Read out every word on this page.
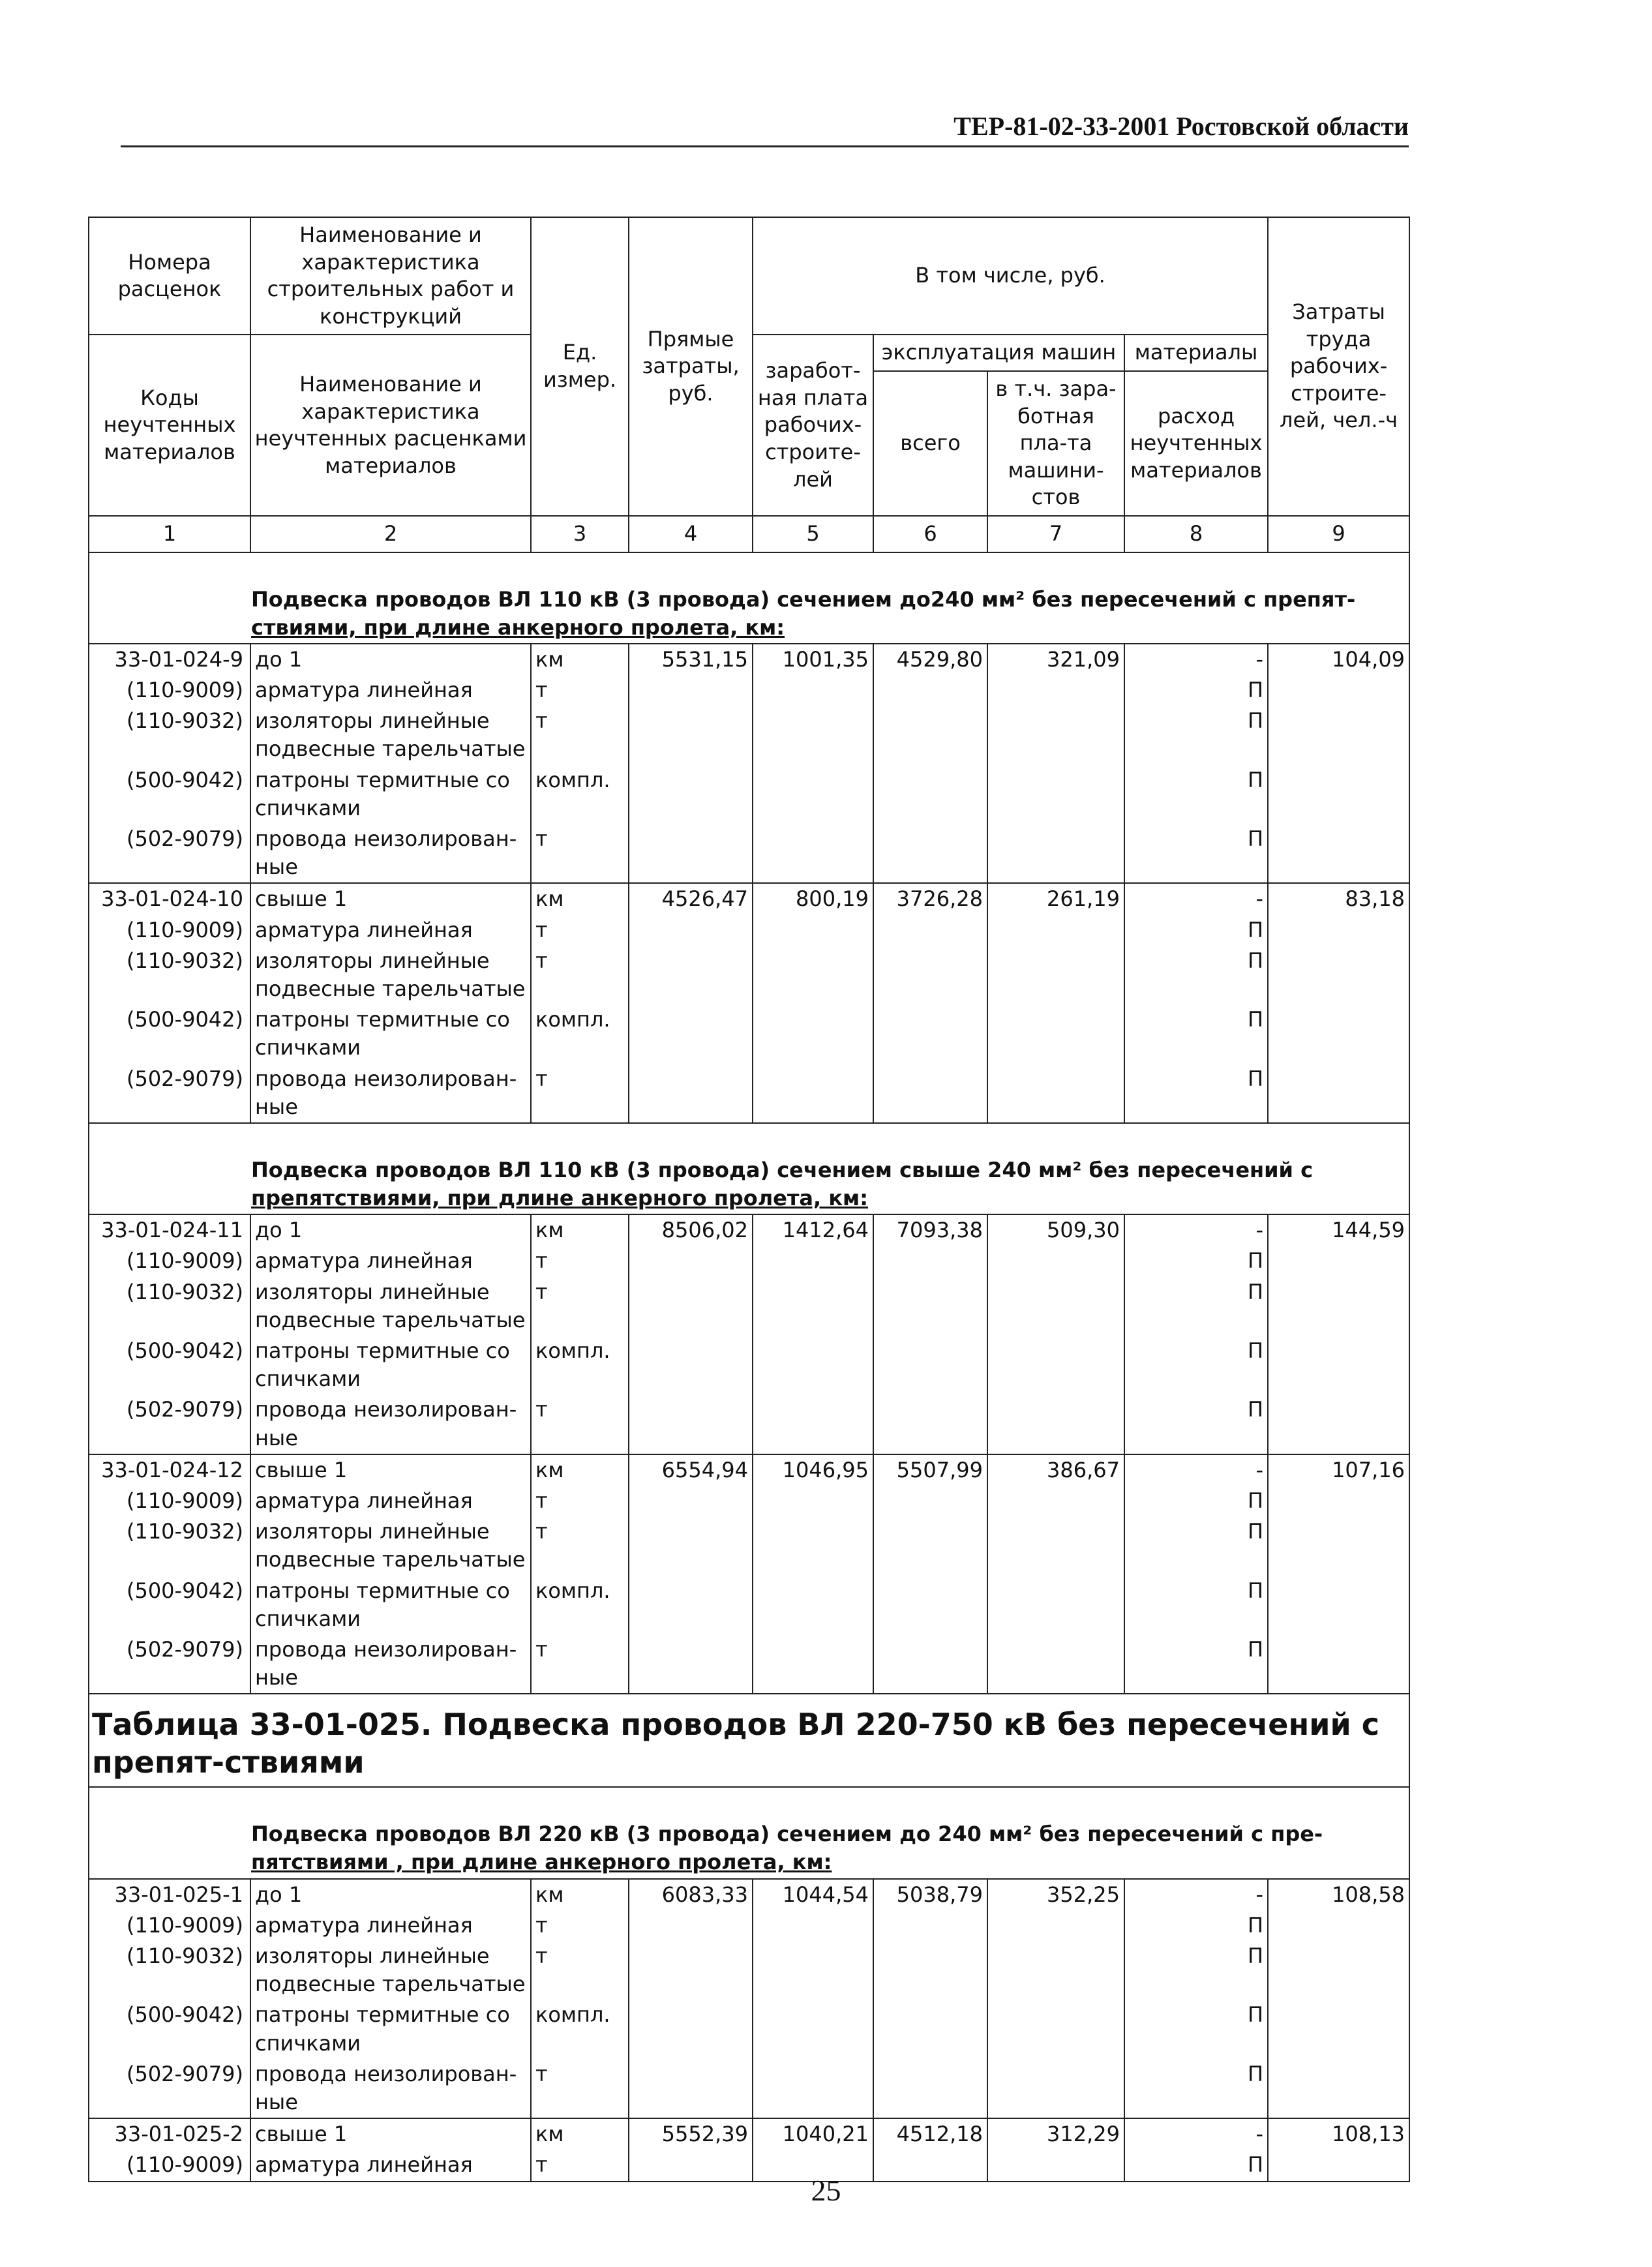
ТЕР-81-02-33-2001 Ростовской области
Номера расценок	Наименование и характеристика строительных работ и конструкций	Ед. измер.	Прямые затраты, руб.	В том числе, руб.				Затраты труда рабочих-строите-лей, чел.-ч
Коды неучтенных материалов	Наименование и характеристика неучтенных расценками материалов			заработ-ная плата рабочих-строите-лей	эксплуатация машин		материалы	
					всего	в т.ч. зара-ботная пла-та машини-стов	расход неучтенных материалов	
1	2	3	4	5	6	7	8	9

Подвеска проводов ВЛ 110 кВ (3 провода) сечением до240 мм² без пересечений с препят-
ствиями, при длине анкерного пролета, км:								

33-01-024-9	до 1	км	5531,15	1001,35	4529,80	321,09	-	104,09
(110-9009)	арматура линейная	т					П	
(110-9032)	изоляторы линейные подвесные тарельчатые	т					П	
(500-9042)	патроны термитные со спичками	компл.					П	
(502-9079)	провода неизолирован-ные	т					П	
33-01-024-10	свыше 1	км	4526,47	800,19	3726,28	261,19	-	83,18
(110-9009)	арматура линейная	т					П	
(110-9032)	изоляторы линейные подвесные тарельчатые	т					П	
(500-9042)	патроны термитные со спичками	компл.					П	
(502-9079)	провода неизолирован-ные	т					П	

Подвеска проводов ВЛ 110 кВ (3 провода) сечением свыше 240 мм² без пересечений с
препятствиями, при длине анкерного пролета, км:								

33-01-024-11	до 1	км	8506,02	1412,64	7093,38	509,30	-	144,59
(110-9009)	арматура линейная	т					П	
(110-9032)	изоляторы линейные подвесные тарельчатые	т					П	
(500-9042)	патроны термитные со спичками	компл.					П	
(502-9079)	провода неизолирован-ные	т					П	
33-01-024-12	свыше 1	км	6554,94	1046,95	5507,99	386,67	-	107,16
(110-9009)	арматура линейная	т					П	
(110-9032)	изоляторы линейные подвесные тарельчатые	т					П	
(500-9042)	патроны термитные со спичками	компл.					П	
(502-9079)	провода неизолирован-ные	т					П	
Таблица 33-01-025. Подвеска проводов ВЛ 220-750 кВ без пересечений с препят-ствиями								

Подвеска проводов ВЛ 220 кВ (3 провода) сечением до 240 мм² без пересечений с пре-
пятствиями , при длине анкерного пролета, км:								

33-01-025-1	до 1	км	6083,33	1044,54	5038,79	352,25	-	108,58
(110-9009)	арматура линейная	т					П	
(110-9032)	изоляторы линейные подвесные тарельчатые	т					П	
(500-9042)	патроны термитные со спичками	компл.					П	
(502-9079)	провода неизолирован-ные	т					П	
33-01-025-2	свыше 1	км	5552,39	1040,21	4512,18	312,29	-	108,13
(110-9009)	арматура линейная	т					П	
25
